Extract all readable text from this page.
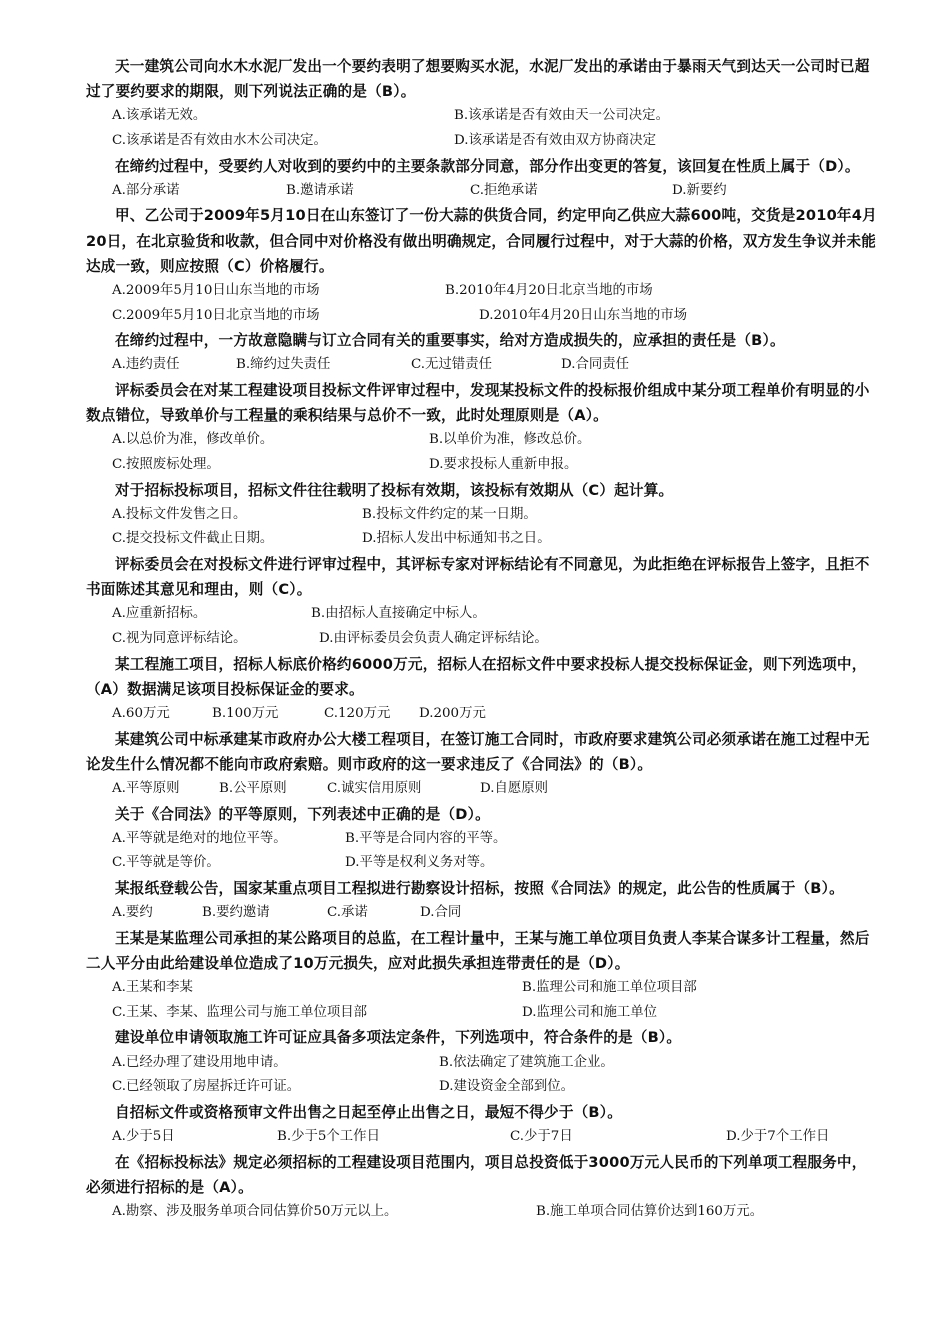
天一建筑公司向水木水泥厂发出一个要约表明了想要购买水泥，水泥厂发出的承诺由于暴雨天气到达天一公司时已超过了要约要求的期限，则下列说法正确的是（B）。

A.该承诺无效。	B.该承诺是否有效由天一公司决定。
C.该承诺是否有效由水木公司决定。	D.该承诺是否有效由双方协商决定

在缔约过程中，受要约人对收到的要约中的主要条款部分同意，部分作出变更的答复，该回复在性质上属于（D）。

A.部分承诺	B.邀请承诺	C.拒绝承诺	D.新要约

甲、乙公司于2009年5月10日在山东签订了一份大蒜的供货合同，约定甲向乙供应大蒜600吨，交货是2010年4月20日，在北京验货和收款，但合同中对价格没有做出明确规定，合同履行过程中，对于大蒜的价格，双方发生争议并未能达成一致，则应按照（C）价格履行。

A.2009年5月10日山东当地的市场	B.2010年4月20日北京当地的市场
C.2009年5月10日北京当地的市场	D.2010年4月20日山东当地的市场

在缔约过程中，一方故意隐瞒与订立合同有关的重要事实，给对方造成损失的，应承担的责任是（B）。

A.违约责任	B.缔约过失责任	C.无过错责任	D.合同责任

评标委员会在对某工程建设项目投标文件评审过程中，发现某投标文件的投标报价组成中某分项工程单价有明显的小数点错位，导致单价与工程量的乘积结果与总价不一致，此时处理原则是（A）。

A.以总价为准，修改单价。	B.以单价为准，修改总价。
C.按照废标处理。	D.要求投标人重新申报。

对于招标投标项目，招标文件往往载明了投标有效期，该投标有效期从（C）起计算。

A.投标文件发售之日。	B.投标文件约定的某一日期。
C.提交投标文件截止日期。	D.招标人发出中标通知书之日。

评标委员会在对投标文件进行评审过程中，其评标专家对评标结论有不同意见，为此拒绝在评标报告上签字，且拒不书面陈述其意见和理由，则（C）。

A.应重新招标。	B.由招标人直接确定中标人。
C.视为同意评标结论。	D.由评标委员会负责人确定评标结论。

某工程施工项目，招标人标底价格约6000万元，招标人在招标文件中要求投标人提交投标保证金，则下列选项中，（A）数据满足该项目投标保证金的要求。

A.60万元	B.100万元	C.120万元	D.200万元

某建筑公司中标承建某市政府办公大楼工程项目，在签订施工合同时，市政府要求建筑公司必须承诺在施工过程中无论发生什么情况都不能向市政府索赔。则市政府的这一要求违反了《合同法》的（B）。

A.平等原则	B.公平原则	C.诚实信用原则	D.自愿原则

关于《合同法》的平等原则，下列表述中正确的是（D）。

A.平等就是绝对的地位平等。	B.平等是合同内容的平等。
C.平等就是等价。	D.平等是权利义务对等。

某报纸登载公告，国家某重点项目工程拟进行勘察设计招标，按照《合同法》的规定，此公告的性质属于（B）。

A.要约	B.要约邀请	C.承诺	D.合同

王某是某监理公司承担的某公路项目的总监，在工程计量中，王某与施工单位项目负责人李某合谋多计工程量，然后二人平分由此给建设单位造成了10万元损失，应对此损失承担连带责任的是（D）。

A.王某和李某	B.监理公司和施工单位项目部
C.王某、李某、监理公司与施工单位项目部	D.监理公司和施工单位

建设单位申请领取施工许可证应具备多项法定条件，下列选项中，符合条件的是（B）。

A.已经办理了建设用地申请。	B.依法确定了建筑施工企业。
C.已经领取了房屋拆迁许可证。	D.建设资金全部到位。

自招标文件或资格预审文件出售之日起至停止出售之日，最短不得少于（B）。

A.少于5日	B.少于5个工作日	C.少于7日	D.少于7个工作日

在《招标投标法》规定必须招标的工程建设项目范围内，项目总投资低于3000万元人民币的下列单项工程服务中，必须进行招标的是（A）。

A.勘察、涉及服务单项合同估算价50万元以上。	B.施工单项合同估算价达到160万元。
